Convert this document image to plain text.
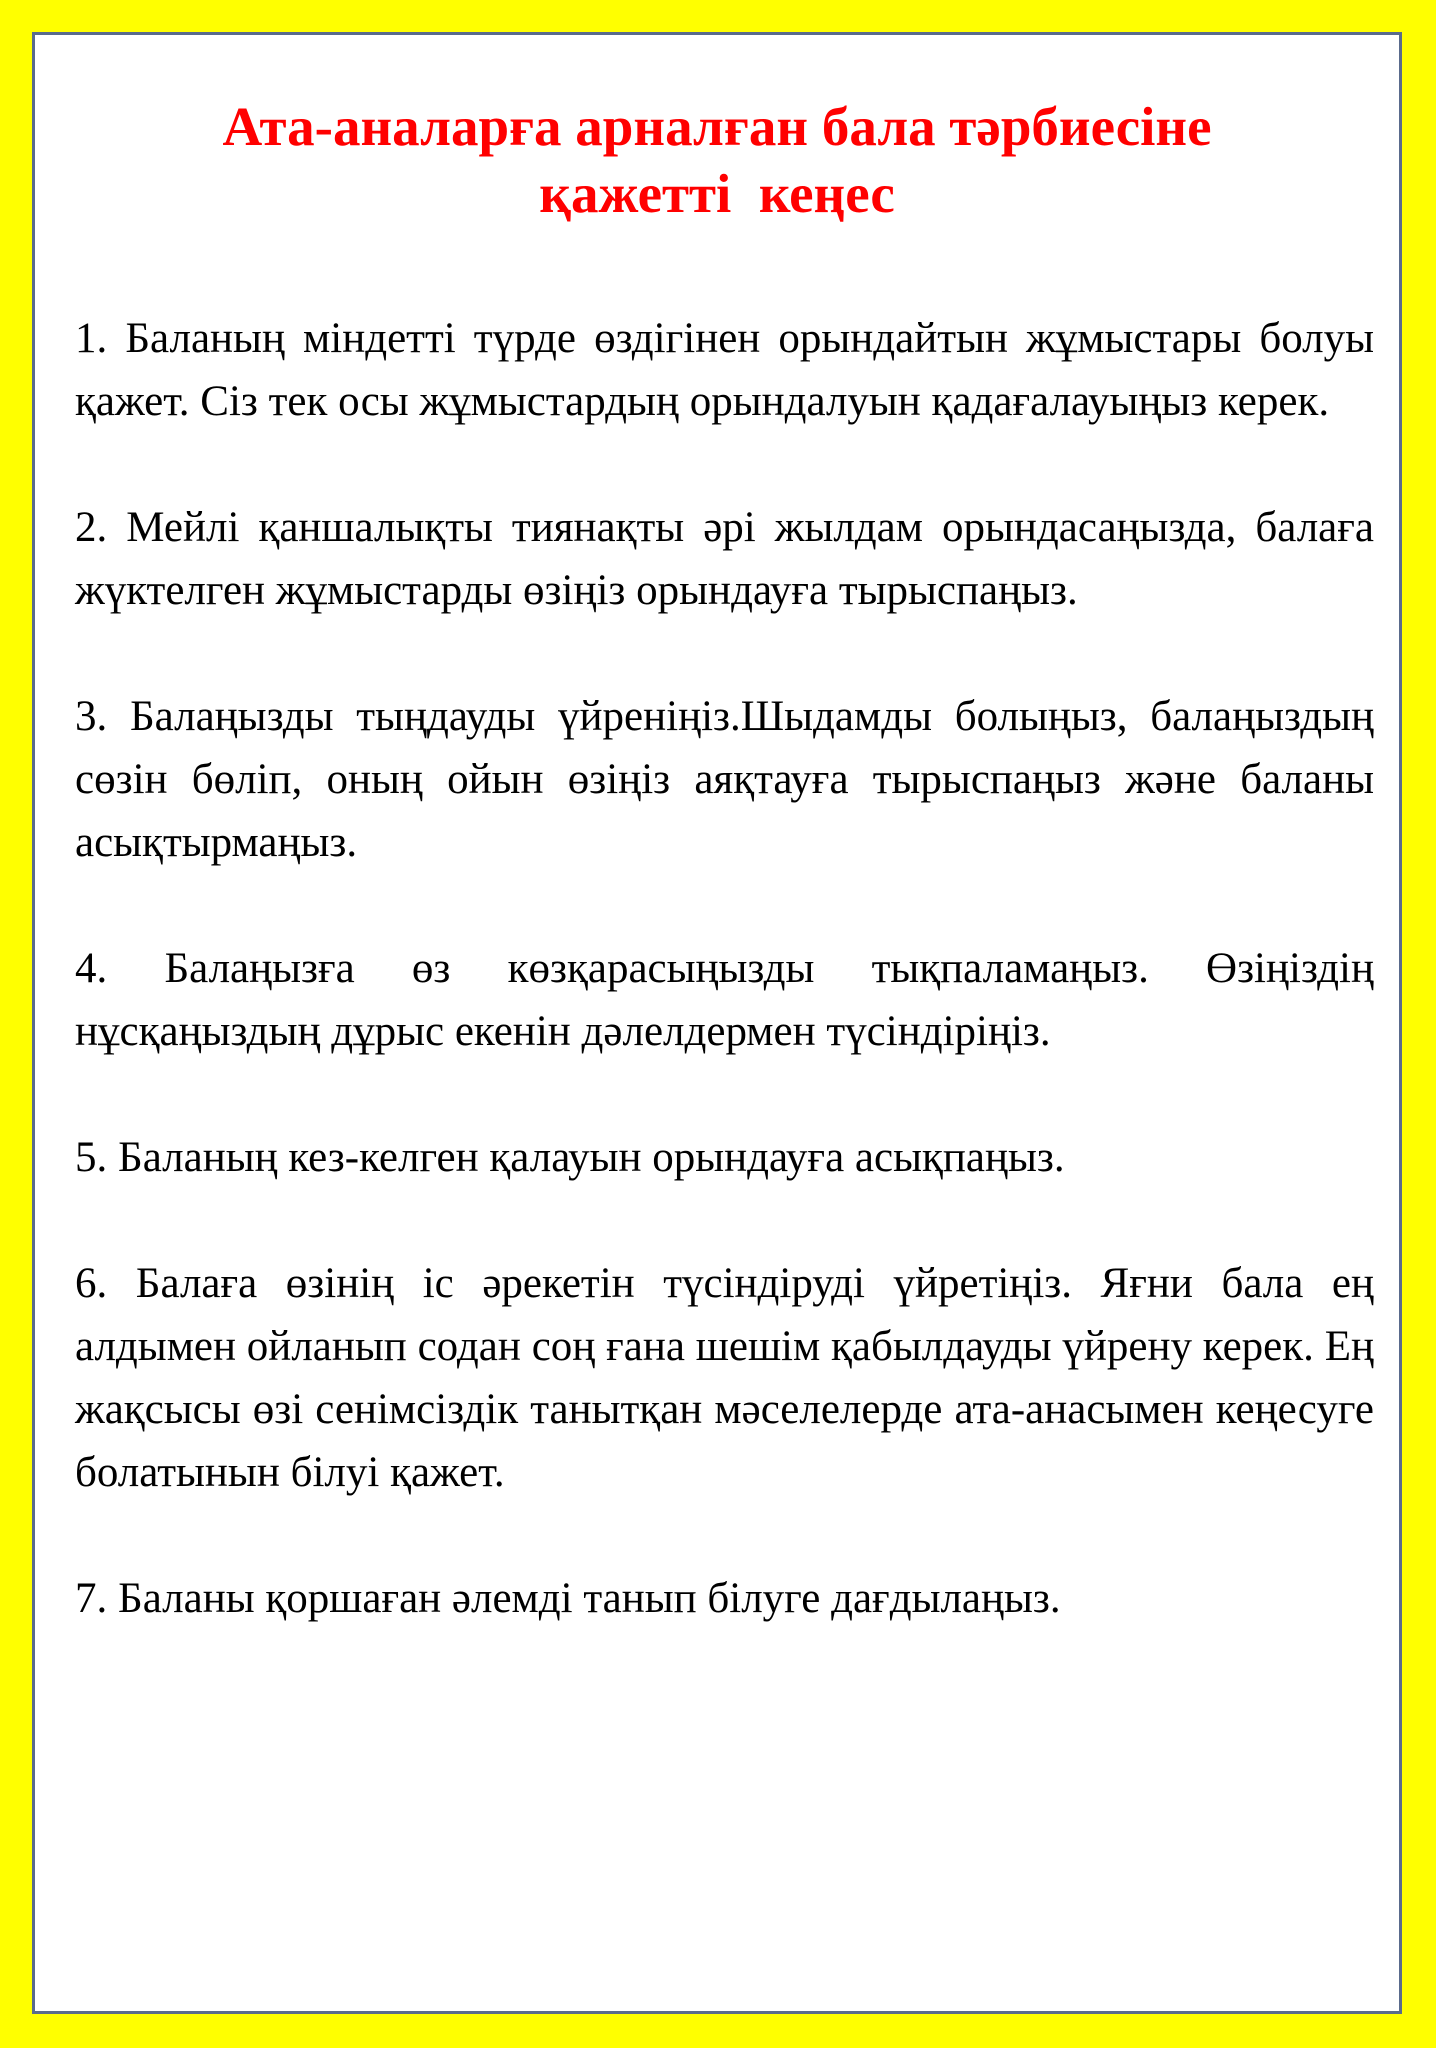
Ата-аналарға арналған бала тәрбиесіне
қажетті  кеңес

1. Баланың міндетті түрде өздігінен орындайтын жұмыстары болуы қажет. Сіз тек осы жұмыстардың орындалуын қадағалауыңыз керек.

2. Мейлі қаншалықты тиянақты әрі жылдам орындасаңызда, балаға жүктелген жұмыстарды өзіңіз орындауға тырыспаңыз.

3. Балаңызды тыңдауды үйреніңіз.Шыдамды болыңыз, балаңыздың сөзін бөліп, оның ойын өзіңіз аяқтауға тырыспаңыз және баланы асықтырмаңыз.

4. Балаңызға өз көзқарасыңызды тықпаламаңыз. Өзіңіздің нұсқаңыздың дұрыс екенін дәлелдермен түсіндіріңіз.

5. Баланың кез-келген қалауын орындауға асықпаңыз.

6. Балаға өзінің іс әрекетін түсіндіруді үйретіңіз. Яғни бала ең алдымен ойланып содан соң ғана шешім қабылдауды үйрену керек. Ең жақсысы өзі сенімсіздік танытқан мәселелерде ата-анасымен кеңесуге болатынын білуі қажет.

7. Баланы қоршаған әлемді танып білуге дағдылаңыз.
